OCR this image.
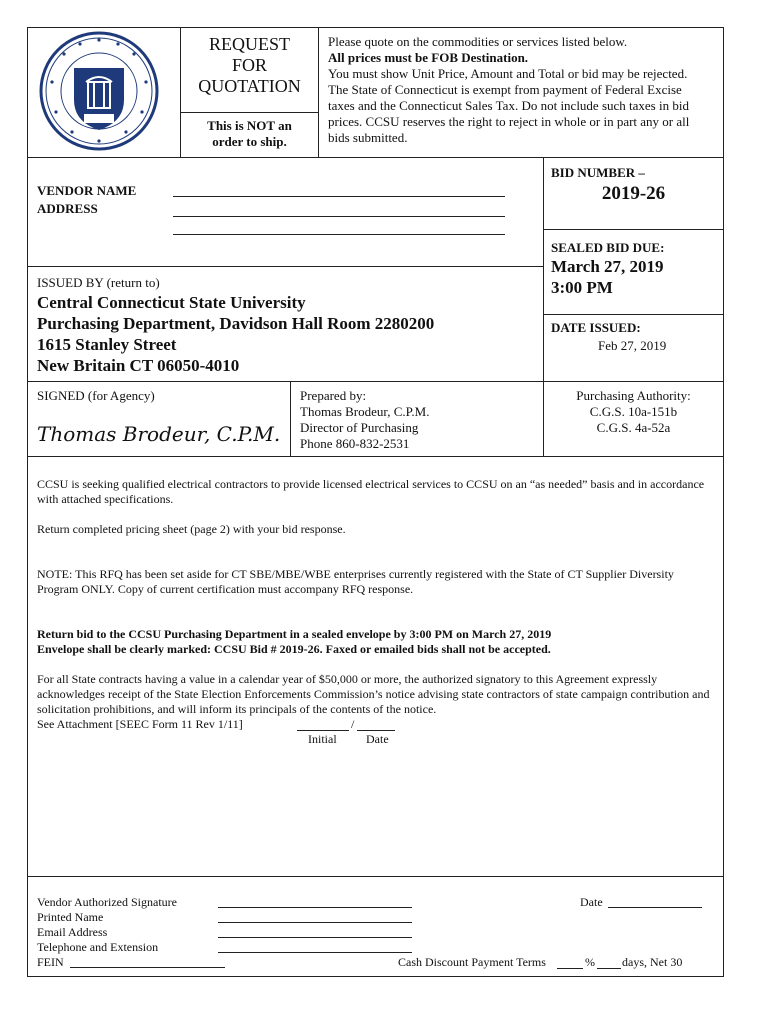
REQUEST
FOR
QUOTATION
This is NOT an
order to ship.
Please quote on the commodities or services listed below.
All prices must be FOB Destination.
You must show Unit Price, Amount and Total or bid may be rejected.
The State of Connecticut is exempt from payment of Federal Excise
taxes and the Connecticut Sales Tax. Do not include such taxes in bid
prices. CCSU reserves the right to reject in whole or in part any or all
bids submitted.
VENDOR NAME
ADDRESS
BID NUMBER –
2019-26
SEALED BID DUE:
March 27, 2019
3:00 PM
DATE ISSUED:
Feb 27, 2019
ISSUED BY (return to)
Central Connecticut State University
Purchasing Department, Davidson Hall Room 2280200
1615 Stanley Street
New Britain CT 06050-4010
SIGNED (for Agency)
Thomas Brodeur, C.P.M.
Prepared by:
Thomas Brodeur, C.P.M.
Director of Purchasing
Phone 860-832-2531
Purchasing Authority:
C.G.S. 10a-151b
C.G.S. 4a-52a
CCSU is seeking qualified electrical contractors to provide licensed electrical services to CCSU on an “as needed” basis and in accordance with attached specifications.
Return completed pricing sheet (page 2) with your bid response.
NOTE: This RFQ has been set aside for CT SBE/MBE/WBE enterprises currently registered with the State of CT Supplier Diversity Program ONLY. Copy of current certification must accompany RFQ response.
Return bid to the CCSU Purchasing Department in a sealed envelope by 3:00 PM on March 27, 2019
Envelope shall be clearly marked: CCSU Bid # 2019-26. Faxed or emailed bids shall not be accepted.
For all State contracts having a value in a calendar year of $50,000 or more, the authorized signatory to this Agreement expressly acknowledges receipt of the State Election Enforcements Commission’s notice advising state contractors of state campaign contribution and solicitation prohibitions, and will inform its principals of the contents of the notice.
See Attachment [SEEC Form 11 Rev 1/11]	/
Initial Date
Vendor Authorized Signature
Printed Name
Email Address
Telephone and Extension
FEIN
Date
Cash Discount Payment Terms	% days, Net 30
